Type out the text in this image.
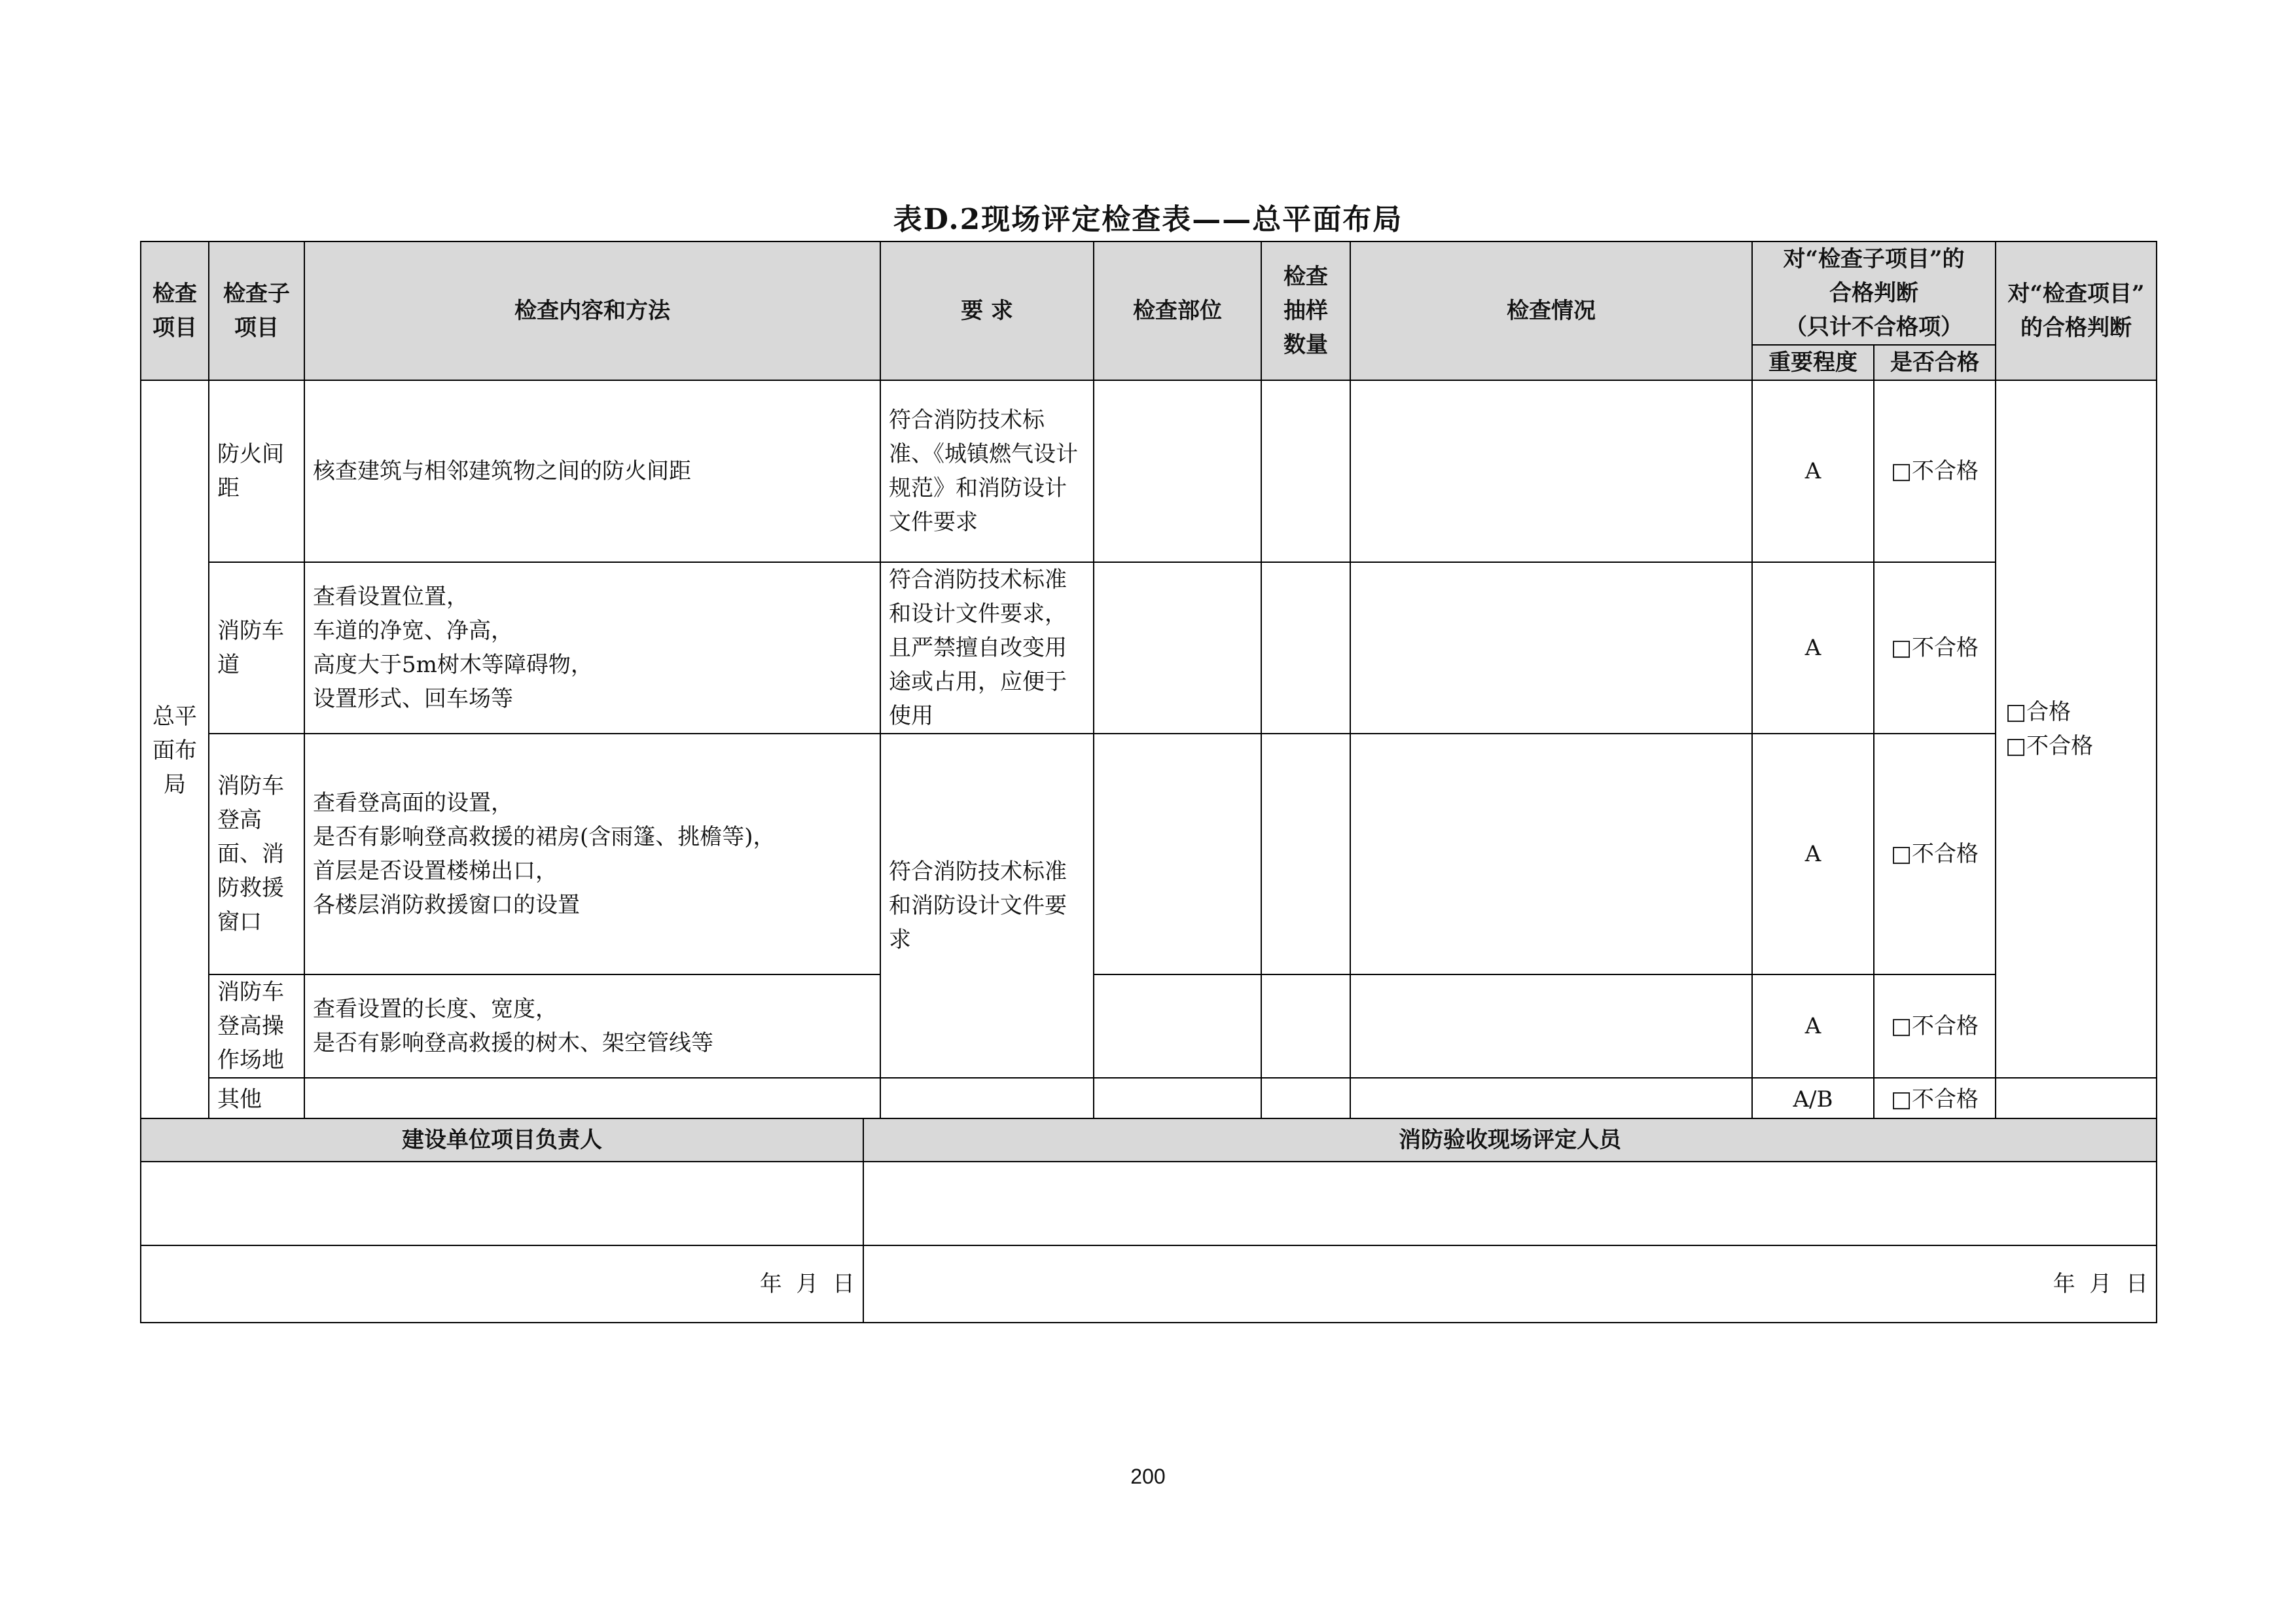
表D.2现场评定检查表——总平面布局
检查
项目	检查子
项目	检查内容和方法	要 求	检查部位	检查
抽样
数量	检查情况	对“检查子项目”的
合格判断
（只计不合格项）		对“检查项目”
的合格判断
							重要程度	是否合格	
总平
面布
局	防火间
距	核查建筑与相邻建筑物之间的防火间距	符合消防技术标准、《城镇燃气设计规范》和消防设计文件要求				A	□不合格	□合格
□不合格
	消防车
道	查看设置位置，
车道的净宽、净高，
高度大于5m树木等障碍物，
设置形式、回车场等	符合消防技术标准和设计文件要求，且严禁擅自改变用途或占用，应便于使用				A	□不合格	
	消防车登高面、消防救援窗口	查看登高面的设置，
是否有影响登高救援的裙房(含雨篷、挑檐等)，
首层是否设置楼梯出口，
各楼层消防救援窗口的设置	符合消防技术标准和消防设计文件要求				A	□不合格	
	消防车
登高操
作场地	查看设置的长度、宽度，
是否有影响登高救援的树木、架空管线等					A	□不合格	
	其他						A/B	□不合格	
建设单位项目负责人	消防验收现场评定人员

年  月  日	年  月  日
200
